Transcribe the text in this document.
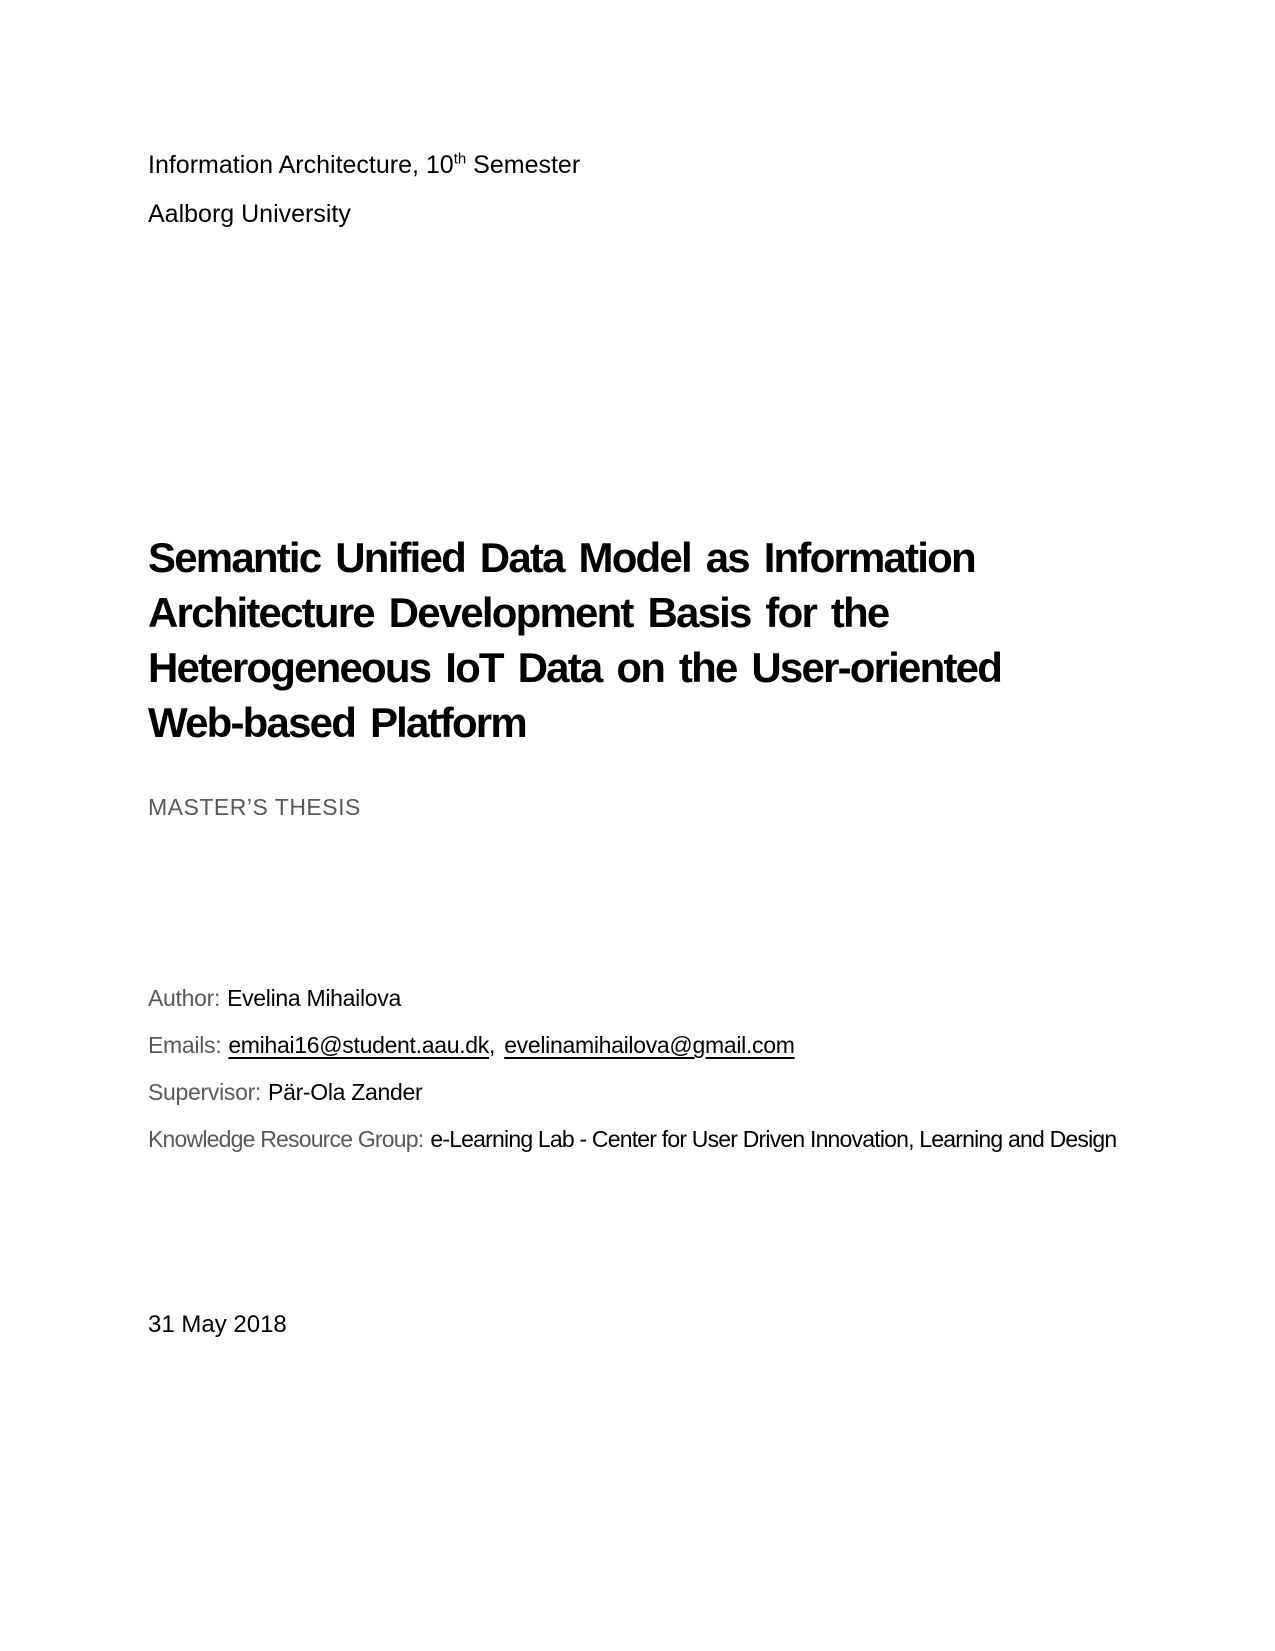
Information Architecture, 10th Semester

Aalborg University

Semantic Unified Data Model as Information
Architecture Development Basis for the
Heterogeneous IoT Data on the User-oriented
Web-based Platform

MASTER’S THESIS

Author: Evelina Mihailova

Emails: emihai16@student.aau.dk, evelinamihailova@gmail.com

Supervisor: Pär-Ola Zander

Knowledge Resource Group: e-Learning Lab - Center for User Driven Innovation, Learning and Design

31 May 2018
